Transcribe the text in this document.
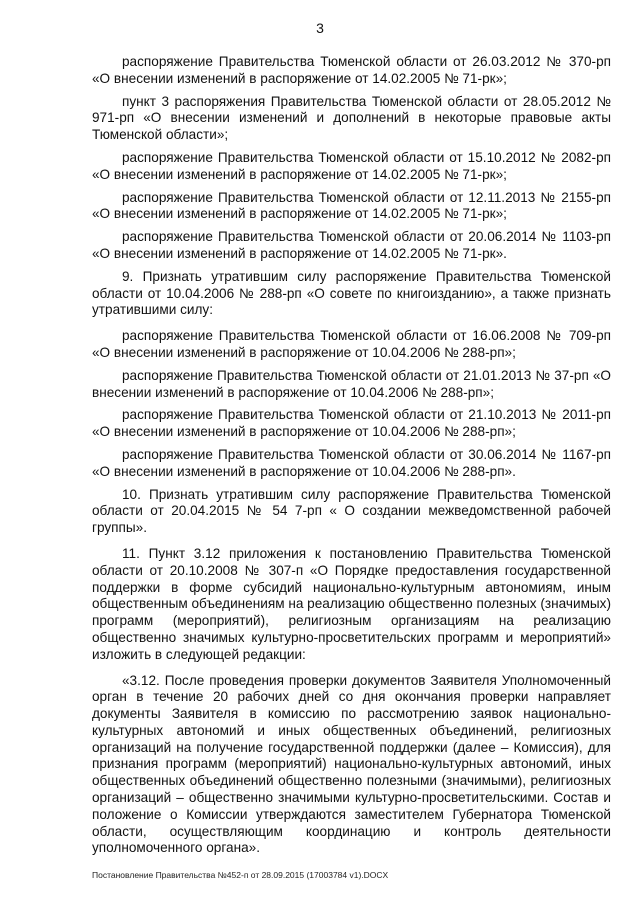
3

распоряжение Правительства Тюменской области от 26.03.2012 № 370-рп «О внесении изменений в распоряжение от 14.02.2005 № 71-рк»;

пункт 3 распоряжения Правительства Тюменской области от 28.05.2012 № 971-рп «О внесении изменений и дополнений в некоторые правовые акты Тюменской области»;

распоряжение Правительства Тюменской области от 15.10.2012 № 2082-рп «О внесении изменений в распоряжение от 14.02.2005 № 71-рк»;

распоряжение Правительства Тюменской области от 12.11.2013 № 2155-рп «О внесении изменений в распоряжение от 14.02.2005 № 71-рк»;

распоряжение Правительства Тюменской области от 20.06.2014 № 1103-рп «О внесении изменений в распоряжение от 14.02.2005 № 71-рк».

9. Признать утратившим силу распоряжение Правительства Тюменской области от 10.04.2006 № 288-рп «О совете по книгоизданию», а также признать утратившими силу:

распоряжение Правительства Тюменской области от 16.06.2008 № 709-рп «О внесении изменений в распоряжение от 10.04.2006 № 288-рп»;

распоряжение Правительства Тюменской области от 21.01.2013 № 37-рп «О внесении изменений в распоряжение от 10.04.2006 № 288-рп»;

распоряжение Правительства Тюменской области от 21.10.2013 № 2011-рп «О внесении изменений в распоряжение от 10.04.2006 № 288-рп»;

распоряжение Правительства Тюменской области от 30.06.2014 № 1167-рп «О внесении изменений в распоряжение от 10.04.2006 № 288-рп».

10. Признать утратившим силу распоряжение Правительства Тюменской области от 20.04.2015 № 54 7-рп « О создании межведомственной рабочей группы».

11. Пункт 3.12 приложения к постановлению Правительства Тюменской области от 20.10.2008 № 307-п «О Порядке предоставления государственной поддержки в форме субсидий национально-культурным автономиям, иным общественным объединениям на реализацию общественно полезных (значимых) программ (мероприятий), религиозным организациям на реализацию общественно значимых культурно-просветительских программ и мероприятий» изложить в следующей редакции:

«3.12. После проведения проверки документов Заявителя Уполномоченный орган в течение 20 рабочих дней со дня окончания проверки направляет документы Заявителя в комиссию по рассмотрению заявок национально-культурных автономий и иных общественных объединений, религиозных организаций на получение государственной поддержки (далее – Комиссия), для признания программ (мероприятий) национально-культурных автономий, иных общественных объединений общественно полезными (значимыми), религиозных организаций – общественно значимыми культурно-просветительскими. Состав и положение о Комиссии утверждаются заместителем Губернатора Тюменской области, осуществляющим координацию и контроль деятельности уполномоченного органа».

Постановление Правительства №452-п от 28.09.2015 (17003784 v1).DOCX
